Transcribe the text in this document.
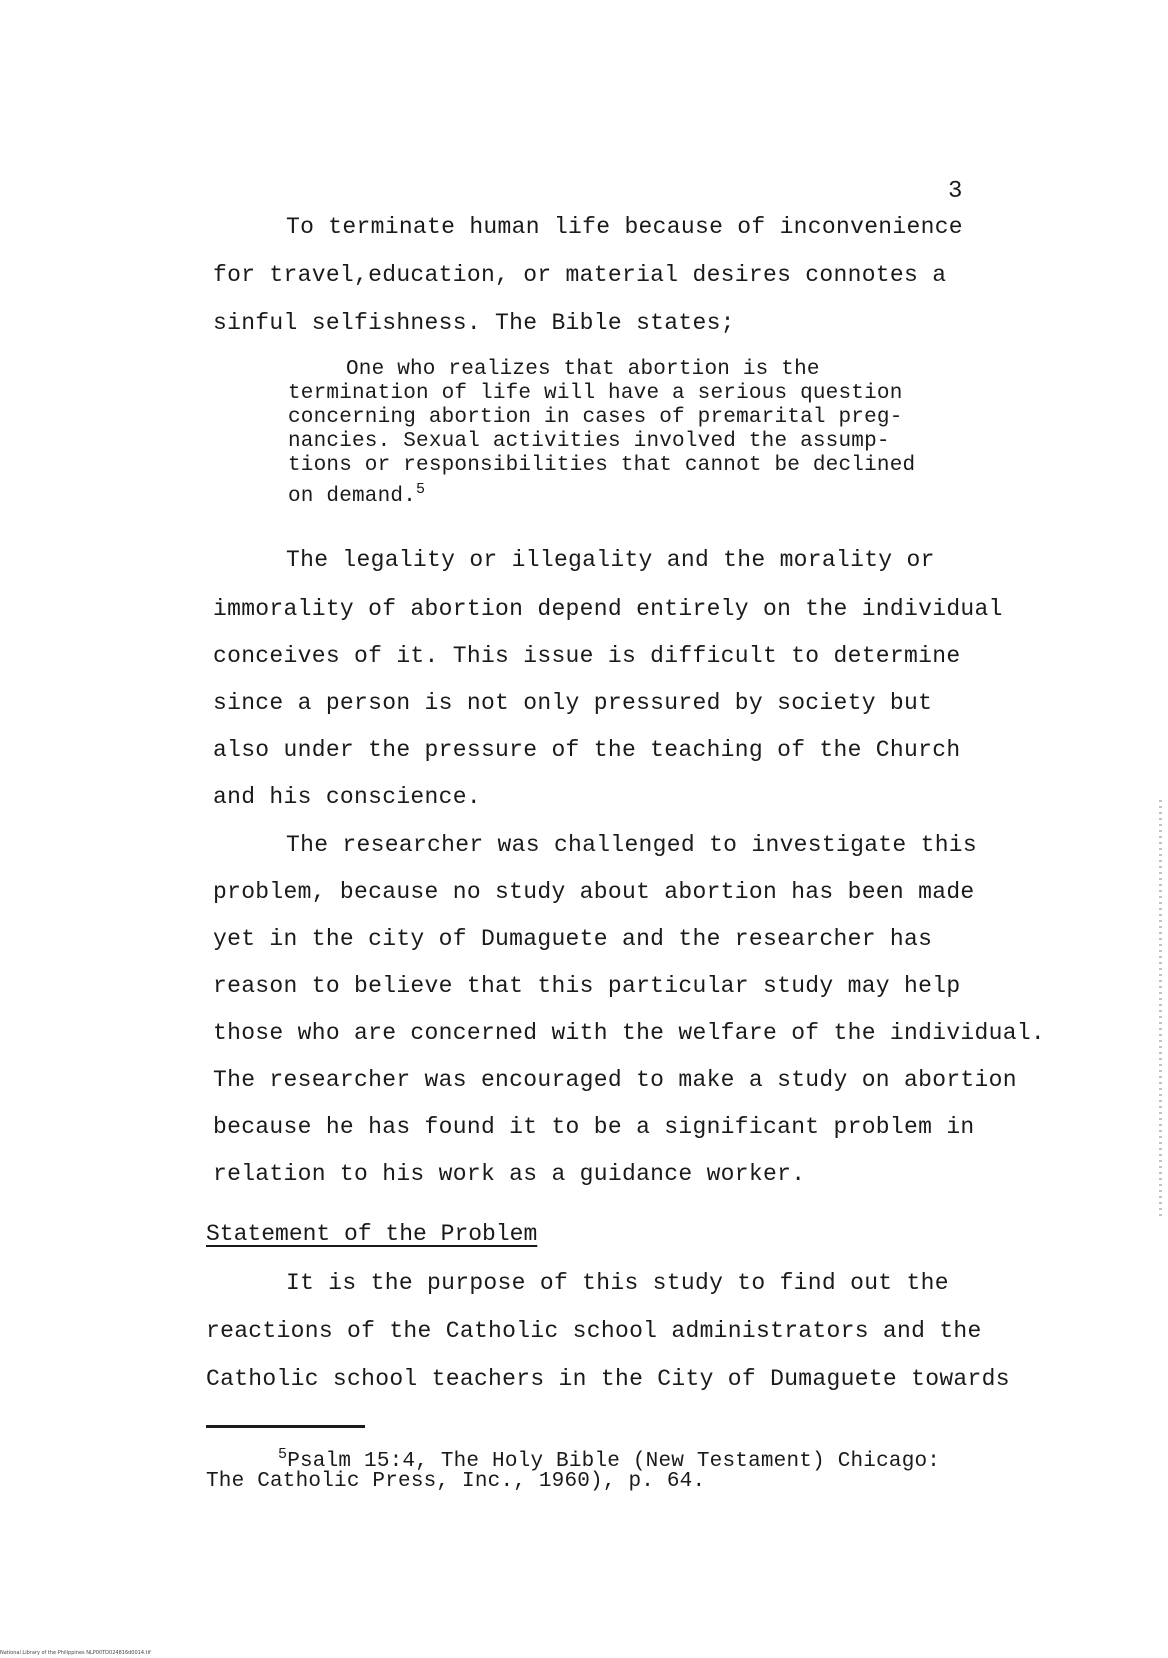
3
To terminate human life because of inconvenience
for travel,education, or material desires connotes a
sinful selfishness. The Bible states;
One who realizes that abortion is the
termination of life will have a serious question
concerning abortion in cases of premarital preg-
nancies. Sexual activities involved the assump-
tions or responsibilities that cannot be declined
on demand.$^5$
The legality or illegality and the morality or
immorality of abortion depend entirely on the individual
conceives of it. This issue is difficult to determine
since a person is not only pressured by society but
also under the pressure of the teaching of the Church
and his conscience.
The researcher was challenged to investigate this
problem, because no study about abortion has been made
yet in the city of Dumaguete and the researcher has
reason to believe that this particular study may help
those who are concerned with the welfare of the individual.
The researcher was encouraged to make a study on abortion
because he has found it to be a significant problem in
relation to his work as a guidance worker.
Statement of the Problem
It is the purpose of this study to find out the
reactions of the Catholic school administrators and the
Catholic school teachers in the City of Dumaguete towards
$^5$Psalm 15:4, The Holy Bible (New Testament) Chicago:
The Catholic Press, Inc., 1960), p. 64.
National Library of the Philippines NLP00TD024816d0014.tif
